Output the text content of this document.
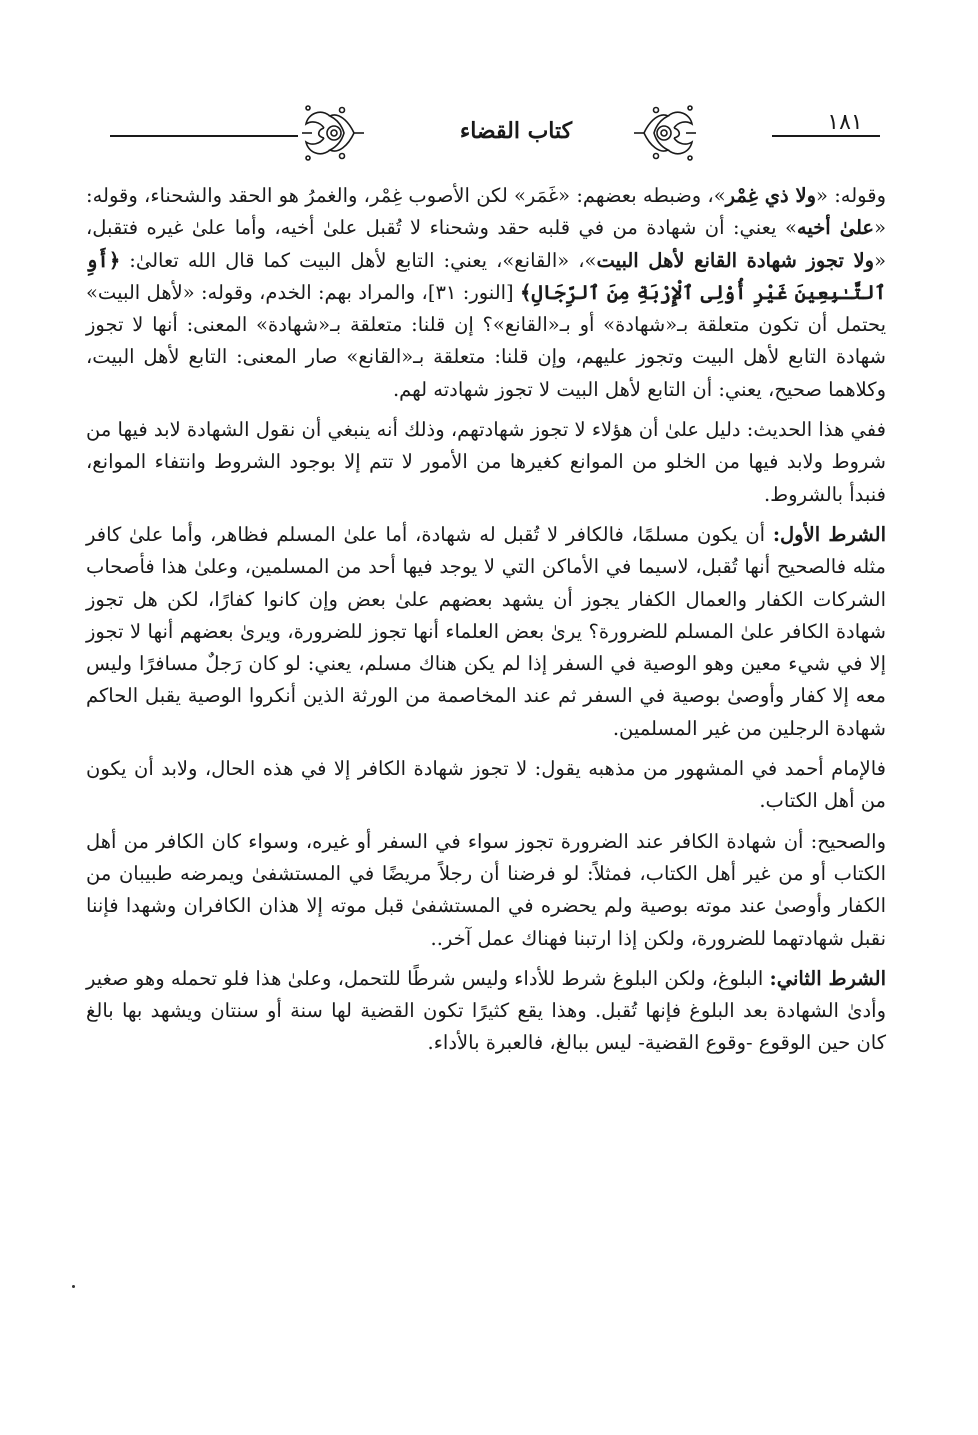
١٨١
كتاب القضاء

وقوله: «ولا ذي غِمْر»، وضبطه بعضهم: «غَمَر» لكن الأصوب غِمْر، والغمرُ هو الحقد والشحناء، وقوله: «علىٰ أخيه» يعني: أن شهادة من في قلبه حقد وشحناء لا تُقبل علىٰ أخيه، وأما علىٰ غيره فتقبل، «ولا تجوز شهادة القانع لأهل البيت»، «القانع»، يعني: التابع لأهل البيت كما قال الله تعالىٰ: ﴿أَوِ ٱلتَّـٰبِعِينَ غَيْرِ أُوْلِى ٱلْإِرْبَةِ مِنَ ٱلرِّجَالِ﴾ [النور: ٣١]، والمراد بهم: الخدم، وقوله: «لأهل البيت» يحتمل أن تكون متعلقة بـ«شهادة» أو بـ«القانع»؟ إن قلنا: متعلقة بـ«شهادة» المعنى: أنها لا تجوز شهادة التابع لأهل البيت وتجوز عليهم، وإن قلنا: متعلقة بـ«القانع» صار المعنى: التابع لأهل البيت، وكلاهما صحيح، يعني: أن التابع لأهل البيت لا تجوز شهادته لهم.

ففي هذا الحديث: دليل علىٰ أن هؤلاء لا تجوز شهادتهم، وذلك أنه ينبغي أن نقول الشهادة لابد فيها من شروط ولابد فيها من الخلو من الموانع كغيرها من الأمور لا تتم إلا بوجود الشروط وانتفاء الموانع، فنبدأ بالشروط.

الشرط الأول: أن يكون مسلمًا، فالكافر لا تُقبل له شهادة، أما علىٰ المسلم فظاهر، وأما علىٰ كافر مثله فالصحيح أنها تُقبل، لاسيما في الأماكن التي لا يوجد فيها أحد من المسلمين، وعلىٰ هذا فأصحاب الشركات الكفار والعمال الكفار يجوز أن يشهد بعضهم علىٰ بعض وإن كانوا كفارًا، لكن هل تجوز شهادة الكافر علىٰ المسلم للضرورة؟ يرىٰ بعض العلماء أنها تجوز للضرورة، ويرىٰ بعضهم أنها لا تجوز إلا في شيء معين وهو الوصية في السفر إذا لم يكن هناك مسلم، يعني: لو كان رَجلٌ مسافرًا وليس معه إلا كفار وأوصىٰ بوصية في السفر ثم عند المخاصمة من الورثة الذين أنكروا الوصية يقبل الحاكم شهادة الرجلين من غير المسلمين.

فالإمام أحمد في المشهور من مذهبه يقول: لا تجوز شهادة الكافر إلا في هذه الحال، ولابد أن يكون من أهل الكتاب.

والصحيح: أن شهادة الكافر عند الضرورة تجوز سواء في السفر أو غيره، وسواء كان الكافر من أهل الكتاب أو من غير أهل الكتاب، فمثلاً: لو فرضنا أن رجلاً مريضًا في المستشفىٰ ويمرضه طبيبان من الكفار وأوصىٰ عند موته بوصية ولم يحضره في المستشفىٰ قبل موته إلا هذان الكافران وشهدا فإننا نقبل شهادتهما للضرورة، ولكن إذا ارتبنا فهناك عمل آخر..

الشرط الثاني: البلوغ، ولكن البلوغ شرط للأداء وليس شرطًا للتحمل، وعلىٰ هذا فلو تحمله وهو صغير وأدىٰ الشهادة بعد البلوغ فإنها تُقبل. وهذا يقع كثيرًا تكون القضية لها سنة أو سنتان ويشهد بها بالغ كان حين الوقوع -وقوع القضية- ليس ببالغ، فالعبرة بالأداء.
